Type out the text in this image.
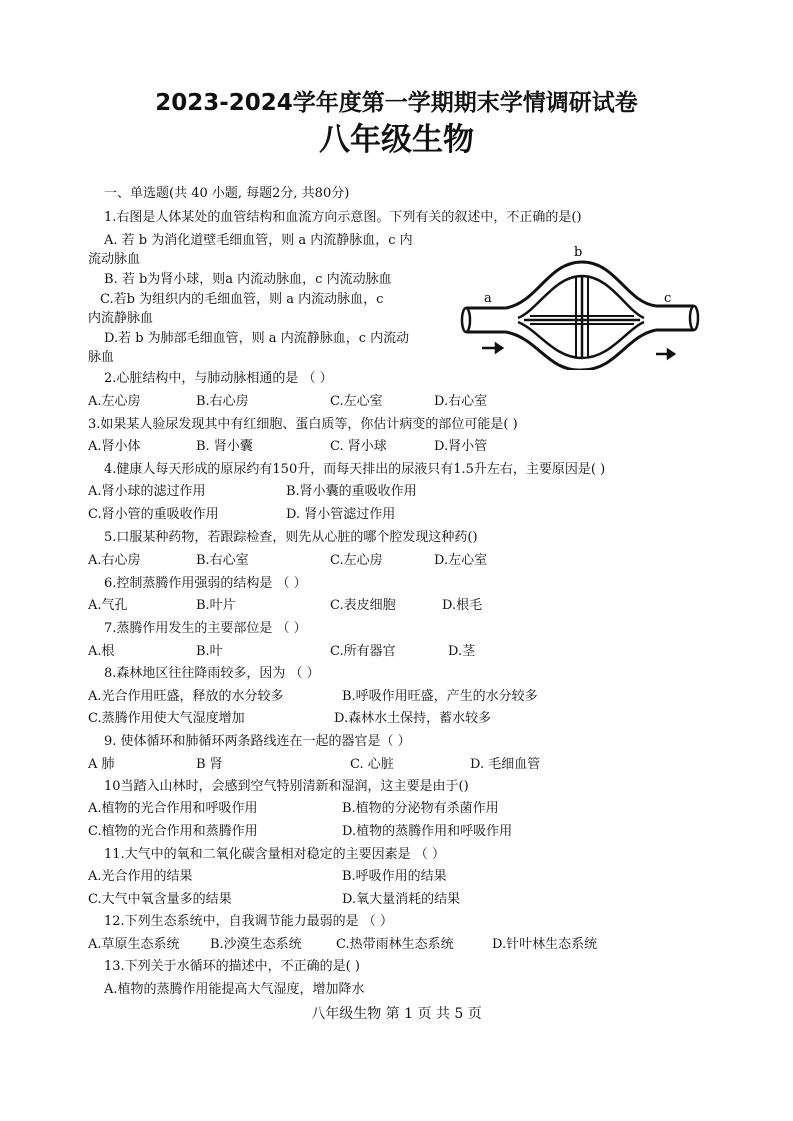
2023-2024学年度第一学期期末学情调研试卷
八年级生物
一、单选题(共 40 小题, 每题2分, 共80分)
1.右图是人体某处的血管结构和血流方向示意图。下列有关的叙述中，不正确的是()
A. 若 b 为消化道壁毛细血管，则 a 内流静脉血，c 内
流动脉血
B. 若 b为肾小球，则a 内流动脉血，c 内流动脉血
C.若b 为组织内的毛细血管，则 a 内流动脉血，c
内流静脉血
D.若 b 为肺部毛细血管，则 a 内流静脉血，c 内流动
脉血
a
b
c
2.心脏结构中，与肺动脉相通的是 （ ）
A.左心房	B.右心房	C.左心室	D.右心室
3.如果某人验尿发现其中有红细胞、蛋白质等，你估计病变的部位可能是( )
A.肾小体	B. 肾小囊	C. 肾小球	D.肾小管
4.健康人每天形成的原尿约有150升，而每天排出的尿液只有1.5升左右，主要原因是( )
A.肾小球的滤过作用	B.肾小囊的重吸收作用
C.肾小管的重吸收作用	D. 肾小管滤过作用
5.口服某种药物，若跟踪检查，则先从心脏的哪个腔发现这种药()
A.右心房	B.右心室	C.左心房	D.左心室
6.控制蒸腾作用强弱的结构是 （ ）
A.气孔	B.叶片	C.表皮细胞	D.根毛
7.蒸腾作用发生的主要部位是 （ ）
A.根	B.叶	C.所有器官	D.茎
8.森林地区往往降雨较多，因为 （ ）
A.光合作用旺盛，释放的水分较多	B.呼吸作用旺盛，产生的水分较多
C.蒸腾作用使大气湿度增加	D.森林水土保持，蓄水较多
9. 使体循环和肺循环两条路线连在一起的器官是（ ）
A 肺	B 肾	C. 心脏	D. 毛细血管
10当踏入山林时，会感到空气特别清新和湿润，这主要是由于()
A.植物的光合作用和呼吸作用	B.植物的分泌物有杀菌作用
C.植物的光合作用和蒸腾作用	D.植物的蒸腾作用和呼吸作用
11.大气中的氧和二氧化碳含量相对稳定的主要因素是 （ ）
A.光合作用的结果	B.呼吸作用的结果
C.大气中氧含量多的结果	D.氧大量消耗的结果
12.下列生态系统中，自我调节能力最弱的是 （ ）
A.草原生态系统 B.沙漠生态系统	C.热带雨林生态系统	D.针叶林生态系统
13.下列关于水循环的描述中，不正确的是( )
A.植物的蒸腾作用能提高大气湿度，增加降水
八年级生物 第 1 页 共 5 页
